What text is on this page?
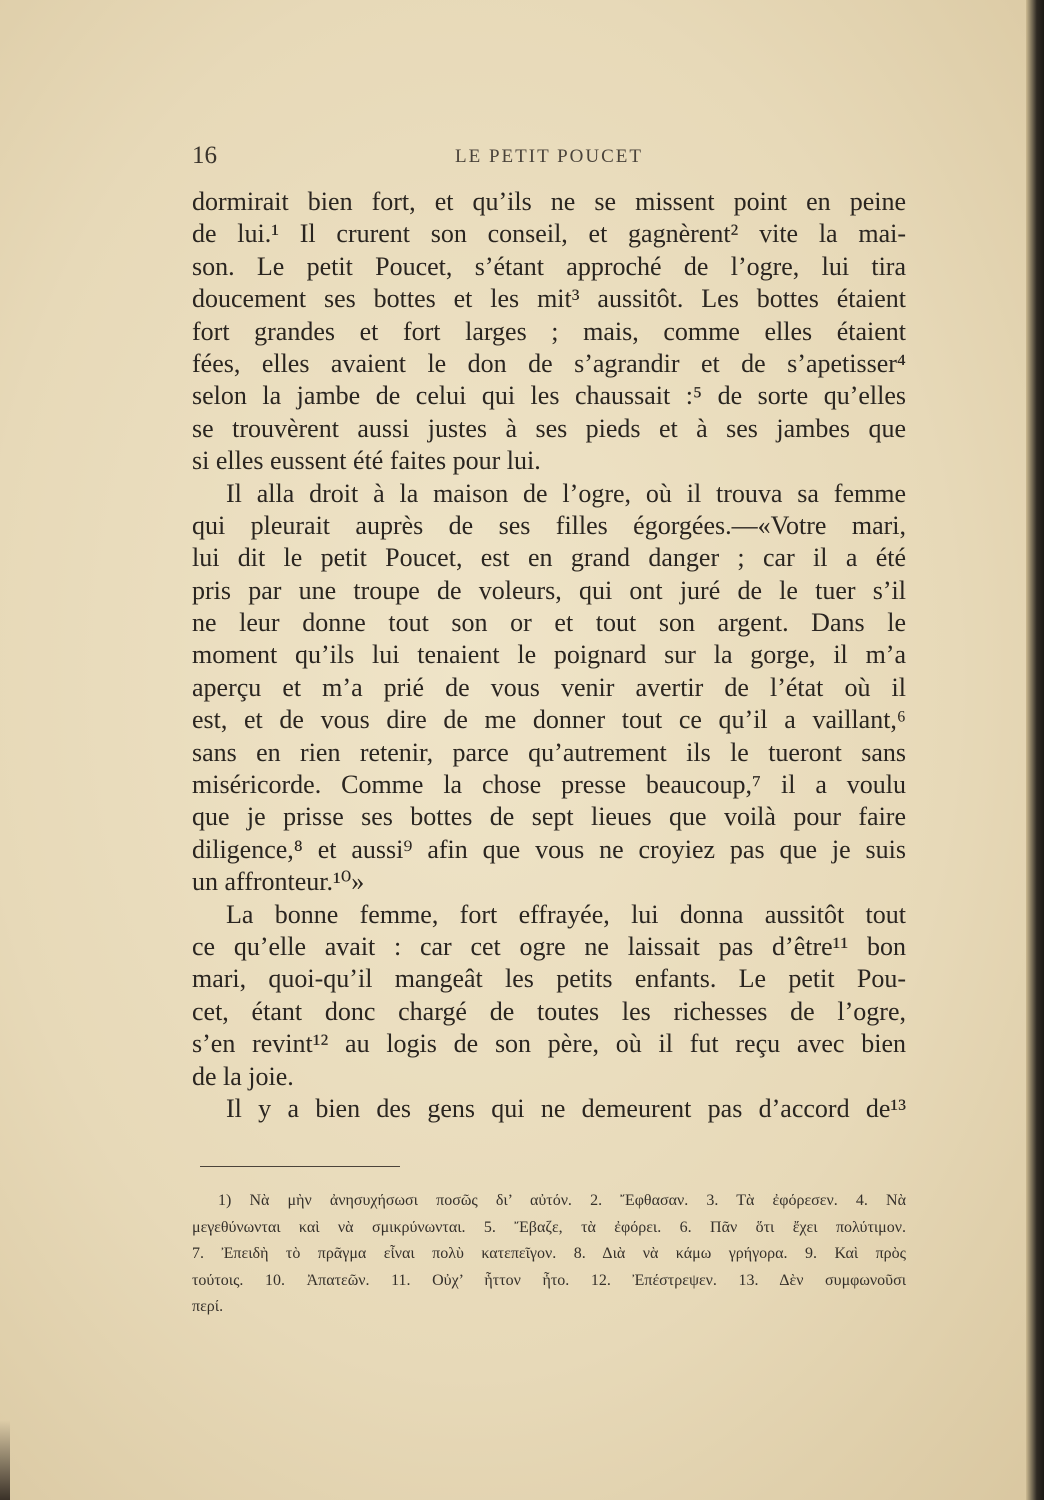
16	LE PETIT POUCET
dormirait bien fort, et qu’ils ne se missent point en peine
de lui.¹ Il crurent son conseil, et gagnèrent² vite la mai-
son. Le petit Poucet, s’étant approché de l’ogre, lui tira
doucement ses bottes et les mit³ aussitôt. Les bottes étaient
fort grandes et fort larges ; mais, comme elles étaient
fées, elles avaient le don de s’agrandir et de s’apetisser⁴
selon la jambe de celui qui les chaussait :⁵ de sorte qu’elles
se trouvèrent aussi justes à ses pieds et à ses jambes que
si elles eussent été faites pour lui.
Il alla droit à la maison de l’ogre, où il trouva sa femme
qui pleurait auprès de ses filles égorgées.—«Votre mari,
lui dit le petit Poucet, est en grand danger ; car il a été
pris par une troupe de voleurs, qui ont juré de le tuer s’il
ne leur donne tout son or et tout son argent. Dans le
moment qu’ils lui tenaient le poignard sur la gorge, il m’a
aperçu et m’a prié de vous venir avertir de l’état où il
est, et de vous dire de me donner tout ce qu’il a vaillant,⁶
sans en rien retenir, parce qu’autrement ils le tueront sans
miséricorde. Comme la chose presse beaucoup,⁷ il a voulu
que je prisse ses bottes de sept lieues que voilà pour faire
diligence,⁸ et aussi⁹ afin que vous ne croyiez pas que je suis
un affronteur.¹⁰»
La bonne femme, fort effrayée, lui donna aussitôt tout
ce qu’elle avait : car cet ogre ne laissait pas d’être¹¹ bon
mari, quoi-qu’il mangeât les petits enfants. Le petit Pou-
cet, étant donc chargé de toutes les richesses de l’ogre,
s’en revint¹² au logis de son père, où il fut reçu avec bien
de la joie.
Il y a bien des gens qui ne demeurent pas d’accord de¹³
1) Νὰ μὴν ἀνησυχήσωσι ποσῶς δι’ αὐτόν. 2. Ἔφθασαν. 3. Τὰ ἐφόρεσεν. 4. Νὰ
μεγεθύνωνται καὶ νὰ σμικρύνωνται. 5. Ἔβαζε, τὰ ἐφόρει. 6. Πᾶν ὅτι ἔχει πολύτιμον.
7. Ἐπειδὴ τὸ πρᾶγμα εἶναι πολὺ κατεπεῖγον. 8. Διὰ νὰ κάμω γρήγορα. 9. Καὶ πρὸς
τούτοις. 10. Ἀπατεῶν. 11. Οὐχ’ ἧττον ἦτο. 12. Ἐπέστρεψεν. 13. Δὲν συμφωνοῦσι
περί.
